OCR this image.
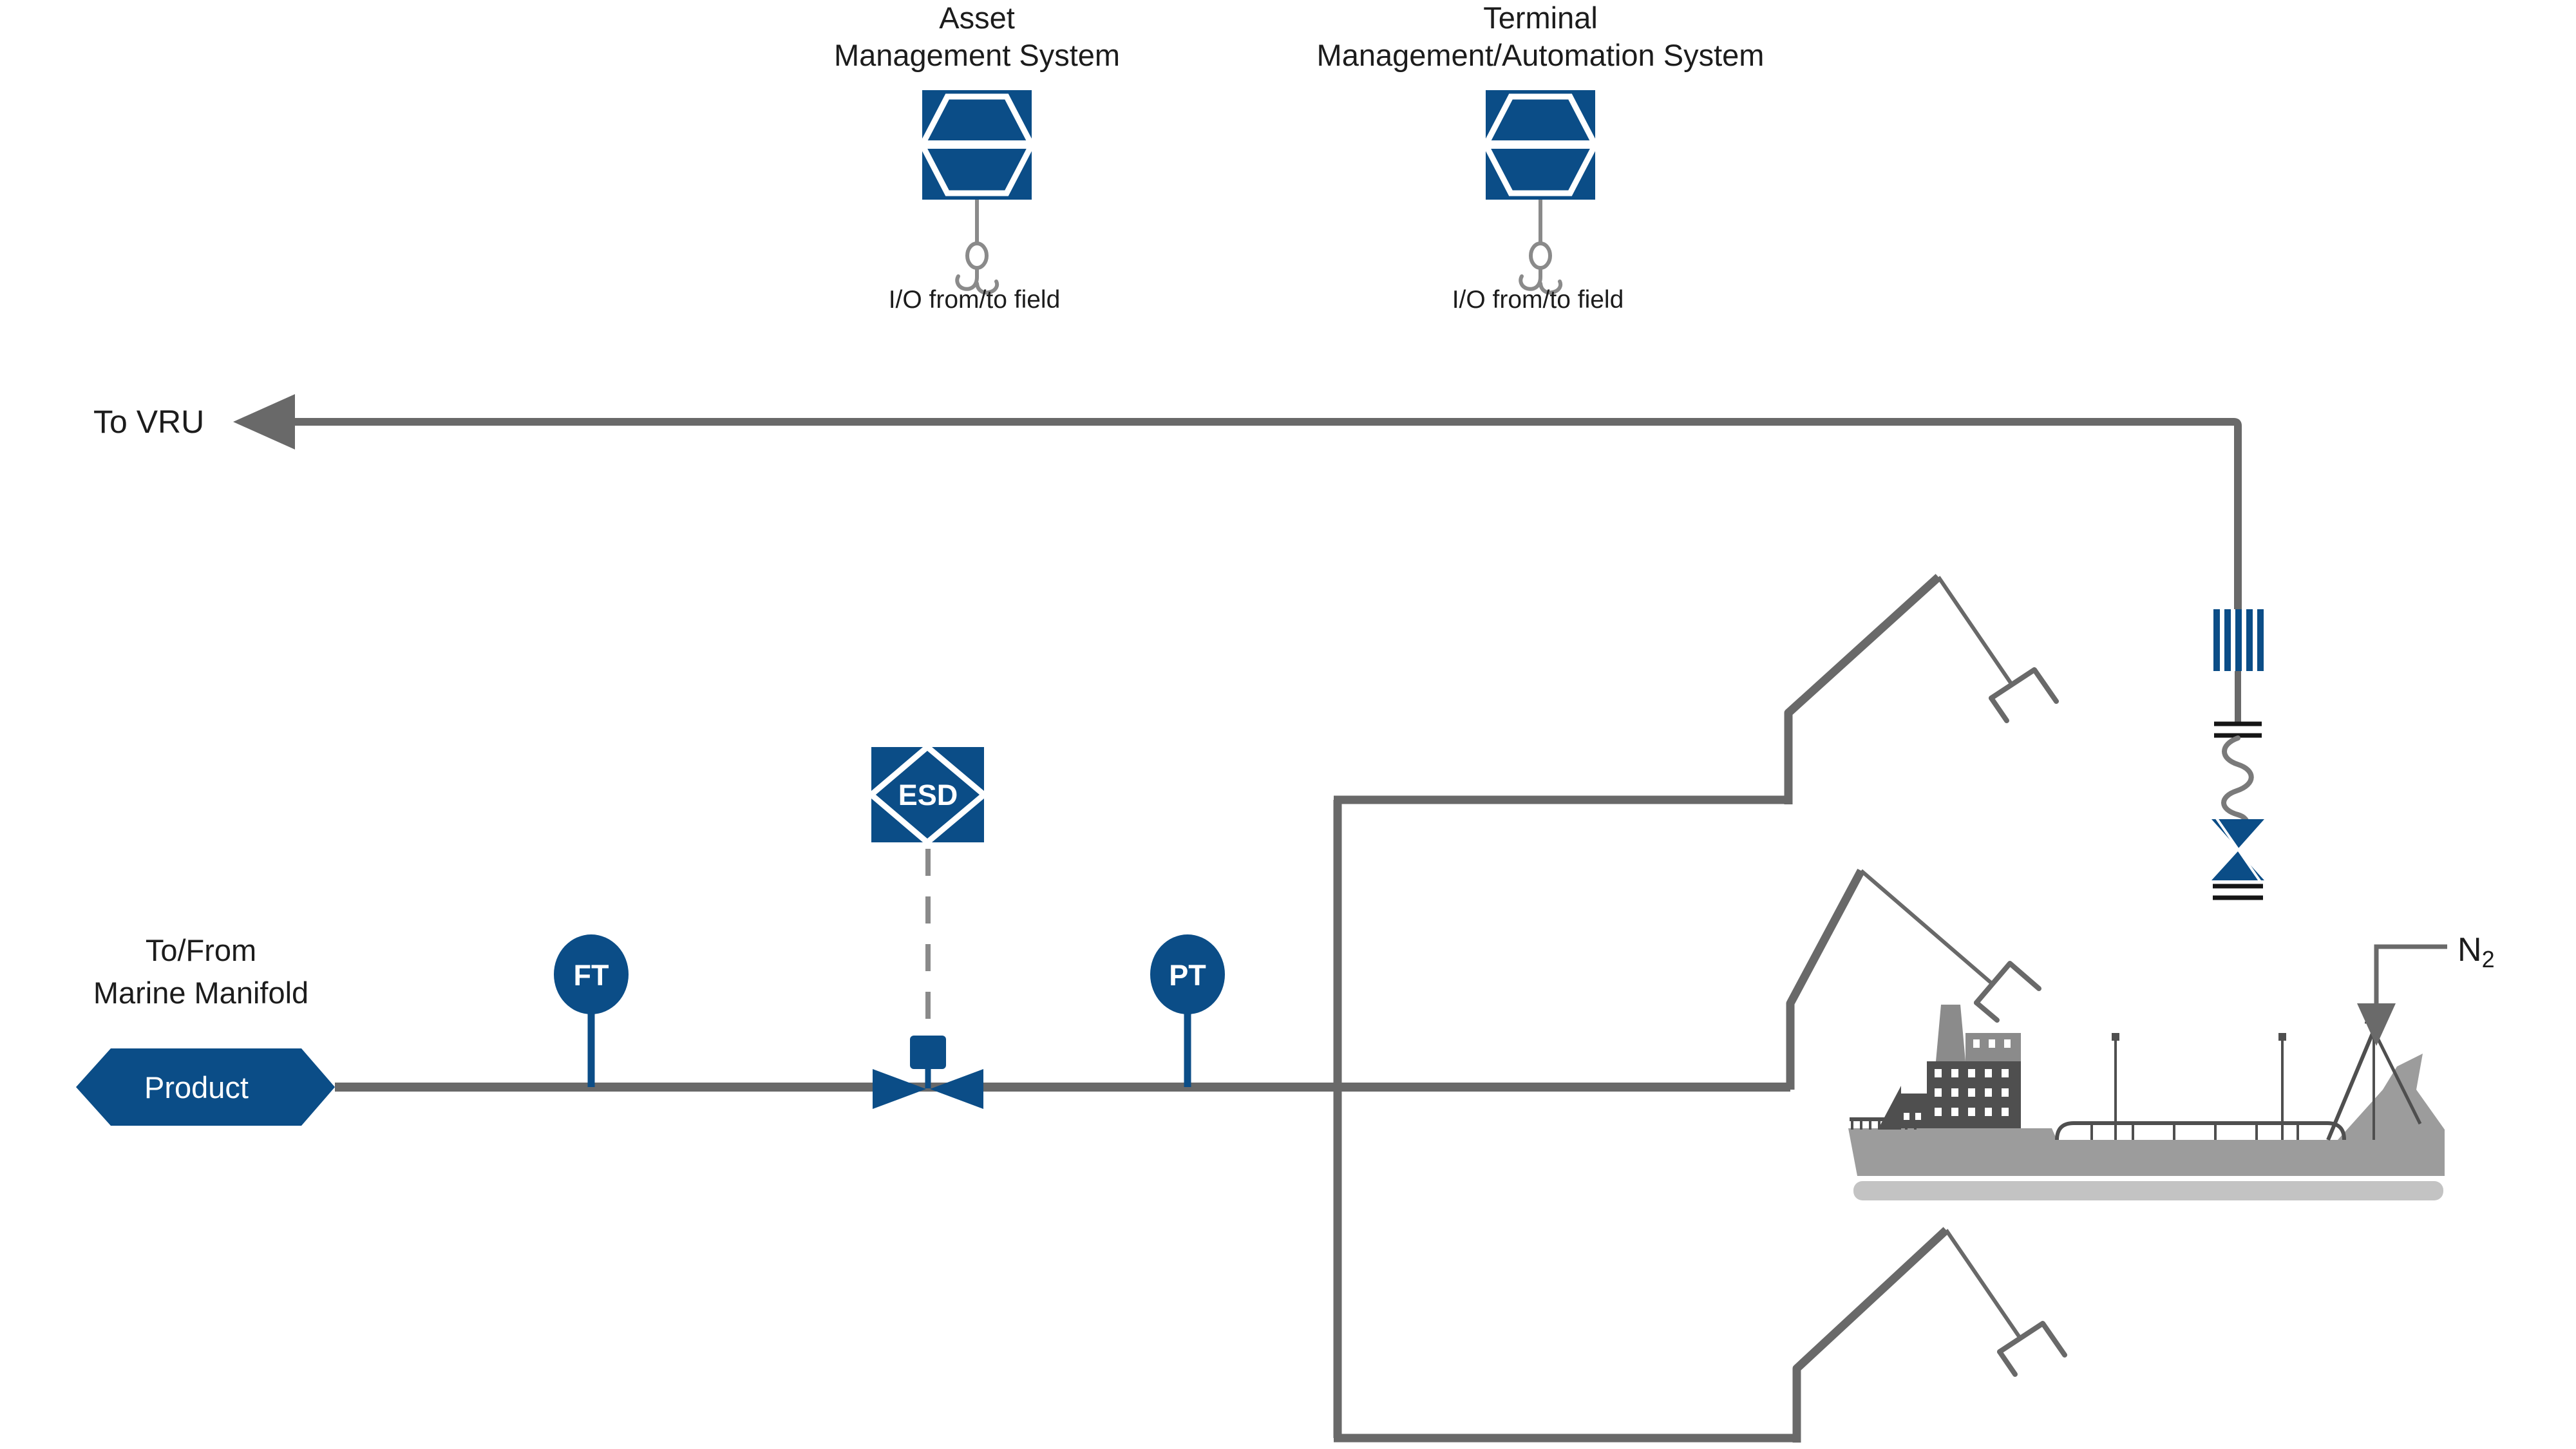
To VRU
Asset
Management System
I/O from/to field
Terminal
Management/Automation System
I/O from/to field
To/From
Marine Manifold
Product
FT	PT
ESD
N2
